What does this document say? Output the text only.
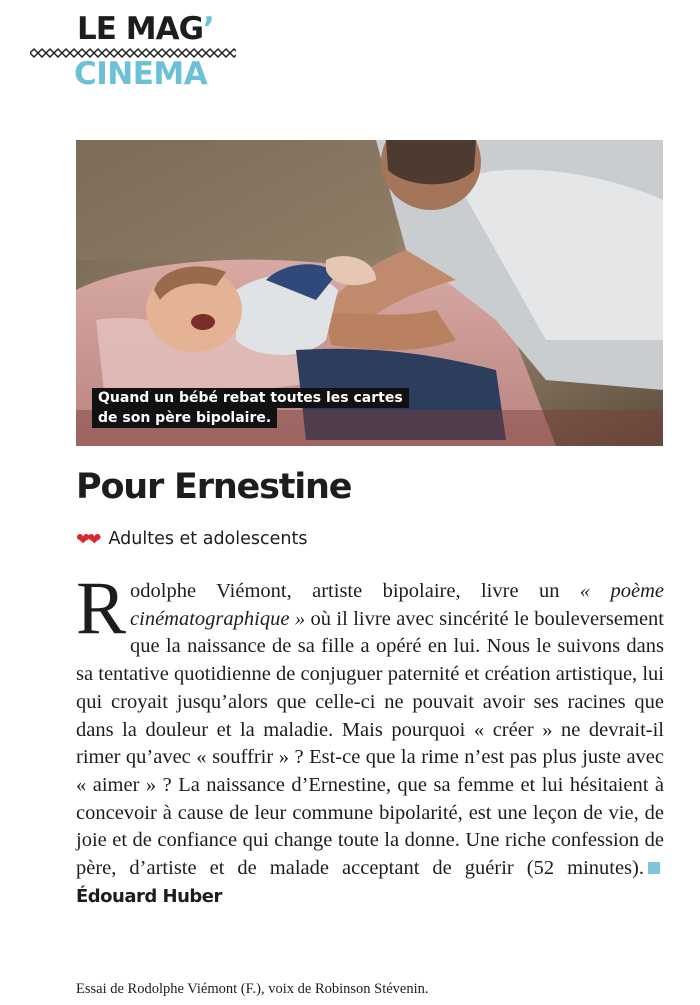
LE MAG’
CINEMA
Quand un bébé rebat toutes les cartes
de son père bipolaire.
Pour Ernestine
❤❤ Adultes et adolescents
Rodolphe Viémont, artiste bipolaire, livre un « poème cinématographique » où il livre avec sincérité le bouleversement que la naissance de sa fille a opéré en lui. Nous le suivons dans sa tentative quotidienne de conjuguer paternité et création artistique, lui qui croyait jusqu’alors que celle-ci ne pouvait avoir ses racines que dans la douleur et la maladie. Mais pourquoi « créer » ne devrait-il rimer qu’avec « souffrir » ? Est-ce que la rime n’est pas plus juste avec « aimer » ? La naissance d’Ernestine, que sa femme et lui hésitaient à concevoir à cause de leur commune bipolarité, est une leçon de vie, de joie et de confiance qui change toute la donne. Une riche confession de père, d’artiste et de malade acceptant de guérir (52 minutes).Édouard Huber
Essai de Rodolphe Viémont (F.), voix de Robinson Stévenin.
